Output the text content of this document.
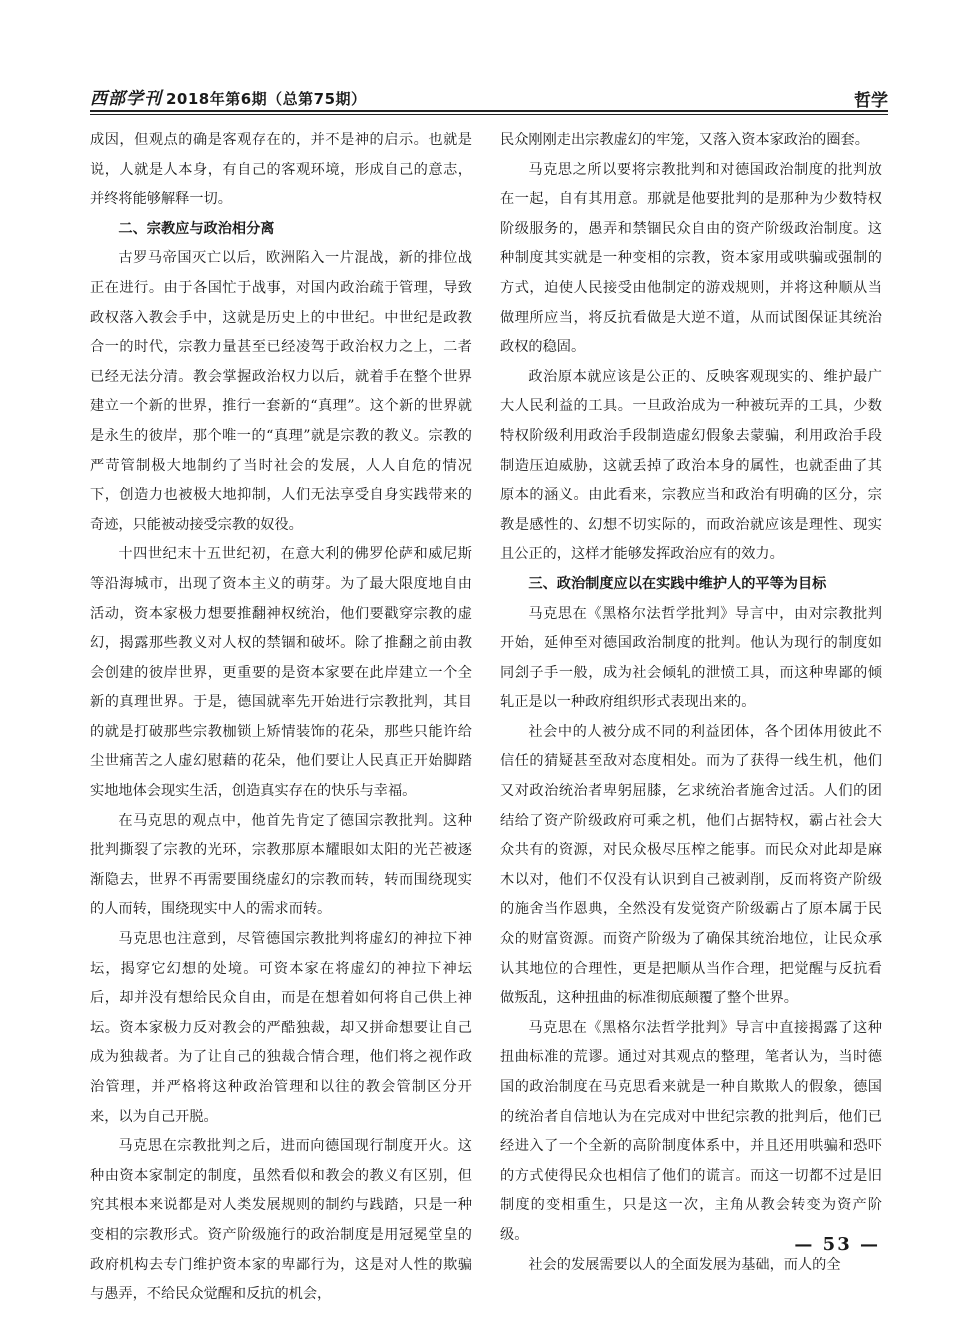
西部学刊 2018年第6期（总第75期）	哲学

成因，但观点的确是客观存在的，并不是神的启示。也就是说，人就是人本身，有自己的客观环境，形成自己的意志，并终将能够解释一切。

二、宗教应与政治相分离

古罗马帝国灭亡以后，欧洲陷入一片混战，新的排位战正在进行。由于各国忙于战事，对国内政治疏于管理，导致政权落入教会手中，这就是历史上的中世纪。中世纪是政教合一的时代，宗教力量甚至已经凌驾于政治权力之上，二者已经无法分清。教会掌握政治权力以后，就着手在整个世界建立一个新的世界，推行一套新的“真理”。这个新的世界就是永生的彼岸，那个唯一的“真理”就是宗教的教义。宗教的严苛管制极大地制约了当时社会的发展，人人自危的情况下，创造力也被极大地抑制，人们无法享受自身实践带来的奇迹，只能被动接受宗教的奴役。

十四世纪末十五世纪初，在意大利的佛罗伦萨和威尼斯等沿海城市，出现了资本主义的萌芽。为了最大限度地自由活动，资本家极力想要推翻神权统治，他们要戳穿宗教的虚幻，揭露那些教义对人权的禁锢和破坏。除了推翻之前由教会创建的彼岸世界，更重要的是资本家要在此岸建立一个全新的真理世界。于是，德国就率先开始进行宗教批判，其目的就是打破那些宗教枷锁上矫情装饰的花朵，那些只能许给尘世痛苦之人虚幻慰藉的花朵，他们要让人民真正开始脚踏实地地体会现实生活，创造真实存在的快乐与幸福。

在马克思的观点中，他首先肯定了德国宗教批判。这种批判撕裂了宗教的光环，宗教那原本耀眼如太阳的光芒被逐渐隐去，世界不再需要围绕虚幻的宗教而转，转而围绕现实的人而转，围绕现实中人的需求而转。

马克思也注意到，尽管德国宗教批判将虚幻的神拉下神坛，揭穿它幻想的处境。可资本家在将虚幻的神拉下神坛后，却并没有想给民众自由，而是在想着如何将自己供上神坛。资本家极力反对教会的严酷独裁，却又拼命想要让自己成为独裁者。为了让自己的独裁合情合理，他们将之视作政治管理，并严格将这种政治管理和以往的教会管制区分开来，以为自己开脱。

马克思在宗教批判之后，进而向德国现行制度开火。这种由资本家制定的制度，虽然看似和教会的教义有区别，但究其根本来说都是对人类发展规则的制约与践踏，只是一种变相的宗教形式。资产阶级施行的政治制度是用冠冕堂皇的政府机构去专门维护资本家的卑鄙行为，这是对人性的欺骗与愚弄，不给民众觉醒和反抗的机会，

民众刚刚走出宗教虚幻的牢笼，又落入资本家政治的圈套。

马克思之所以要将宗教批判和对德国政治制度的批判放在一起，自有其用意。那就是他要批判的是那种为少数特权阶级服务的，愚弄和禁锢民众自由的资产阶级政治制度。这种制度其实就是一种变相的宗教，资本家用或哄骗或强制的方式，迫使人民接受由他制定的游戏规则，并将这种顺从当做理所应当，将反抗看做是大逆不道，从而试图保证其统治政权的稳固。

政治原本就应该是公正的、反映客观现实的、维护最广大人民利益的工具。一旦政治成为一种被玩弄的工具，少数特权阶级利用政治手段制造虚幻假象去蒙骗，利用政治手段制造压迫威胁，这就丢掉了政治本身的属性，也就歪曲了其原本的涵义。由此看来，宗教应当和政治有明确的区分，宗教是感性的、幻想不切实际的，而政治就应该是理性、现实且公正的，这样才能够发挥政治应有的效力。

三、政治制度应以在实践中维护人的平等为目标

马克思在《黑格尔法哲学批判》导言中，由对宗教批判开始，延伸至对德国政治制度的批判。他认为现行的制度如同刽子手一般，成为社会倾轧的泄愤工具，而这种卑鄙的倾轧正是以一种政府组织形式表现出来的。

社会中的人被分成不同的利益团体，各个团体用彼此不信任的猜疑甚至敌对态度相处。而为了获得一线生机，他们又对政治统治者卑躬屈膝，乞求统治者施舍过活。人们的团结给了资产阶级政府可乘之机，他们占据特权，霸占社会大众共有的资源，对民众极尽压榨之能事。而民众对此却是麻木以对，他们不仅没有认识到自己被剥削，反而将资产阶级的施舍当作恩典，全然没有发觉资产阶级霸占了原本属于民众的财富资源。而资产阶级为了确保其统治地位，让民众承认其地位的合理性，更是把顺从当作合理，把觉醒与反抗看做叛乱，这种扭曲的标准彻底颠覆了整个世界。

马克思在《黑格尔法哲学批判》导言中直接揭露了这种扭曲标准的荒谬。通过对其观点的整理，笔者认为，当时德国的政治制度在马克思看来就是一种自欺欺人的假象，德国的统治者自信地认为在完成对中世纪宗教的批判后，他们已经进入了一个全新的高阶制度体系中，并且还用哄骗和恐吓的方式使得民众也相信了他们的谎言。而这一切都不过是旧制度的变相重生，只是这一次，主角从教会转变为资产阶级。

社会的发展需要以人的全面发展为基础，而人的全

— 53 —
